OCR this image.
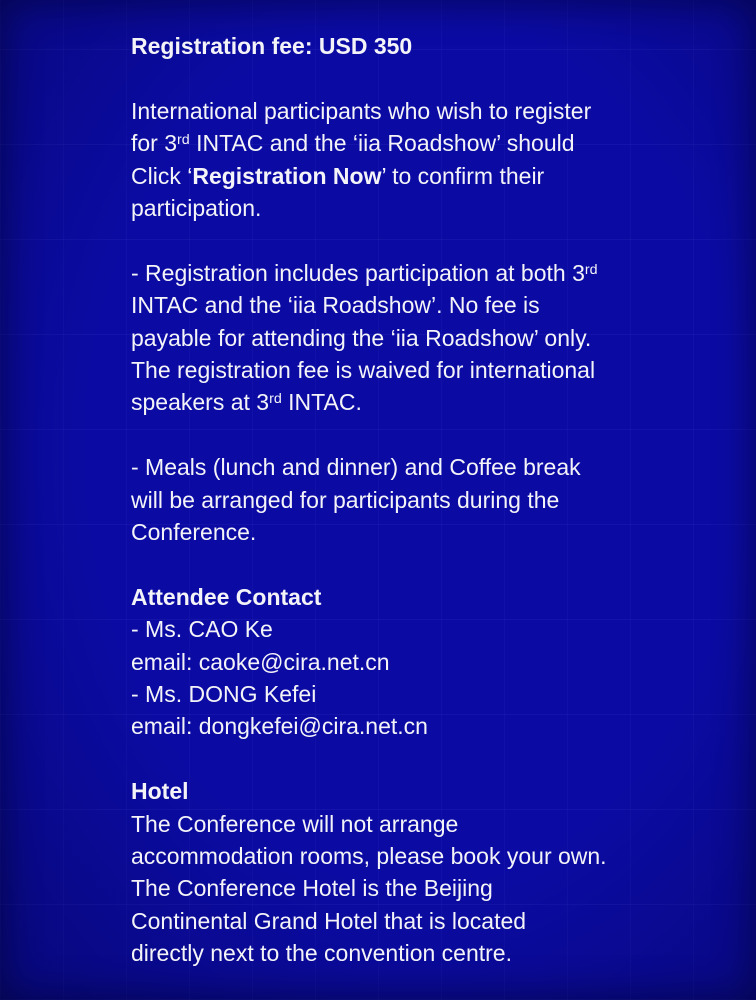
Registration fee: USD 350
International participants who wish to register
for 3rd INTAC and the ‘iia Roadshow’ should
Click ‘Registration Now’ to confirm their
participation.
- Registration includes participation at both 3rd
INTAC and the ‘iia Roadshow’. No fee is
payable for attending the ‘iia Roadshow’ only.
The registration fee is waived for international
speakers at 3rd INTAC.
- Meals (lunch and dinner) and Coffee break
will be arranged for participants during the
Conference.
Attendee Contact
- Ms. CAO Ke
email: caoke@cira.net.cn
- Ms. DONG Kefei
email: dongkefei@cira.net.cn
Hotel
The Conference will not arrange
accommodation rooms, please book your own.
The Conference Hotel is the Beijing
Continental Grand Hotel that is located
directly next to the convention centre.
